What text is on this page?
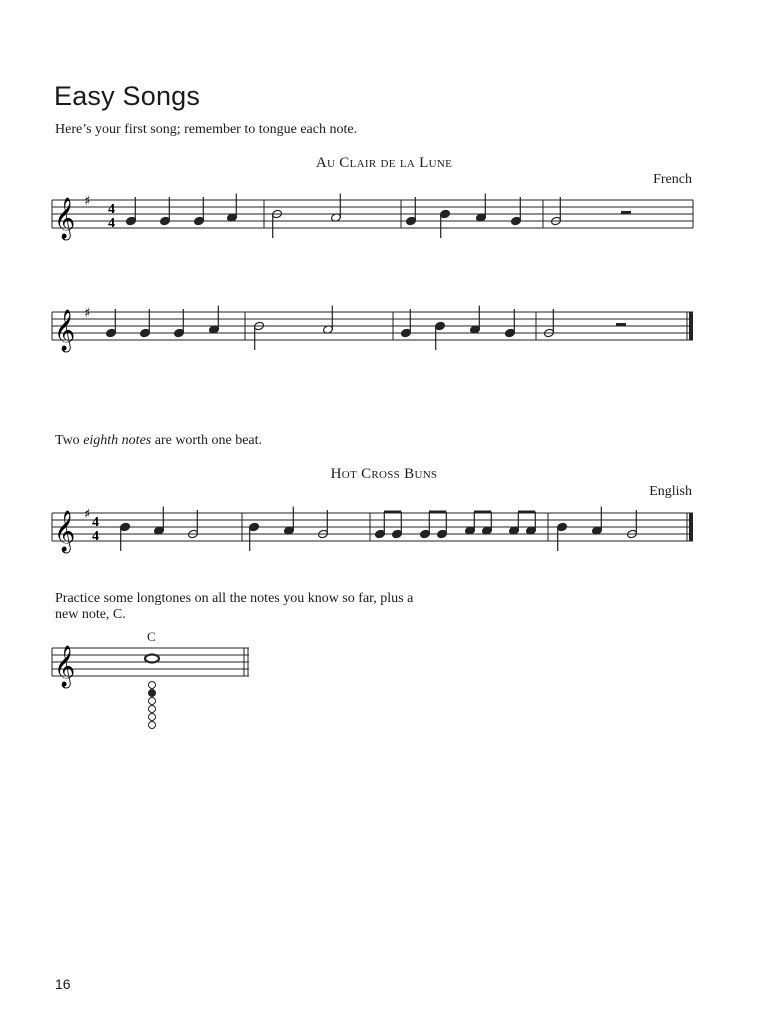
Easy Songs
Here’s your first song; remember to tongue each note.
Au Clair de la Lune
French
𝄞 ♯
4
4
𝄞 ♯
Two eighth notes are worth one beat.
Hot Cross Buns
English
𝄞 ♯
4
4
Practice some longtones on all the notes you know so far, plus a
new note, C.
C
𝄞
16
